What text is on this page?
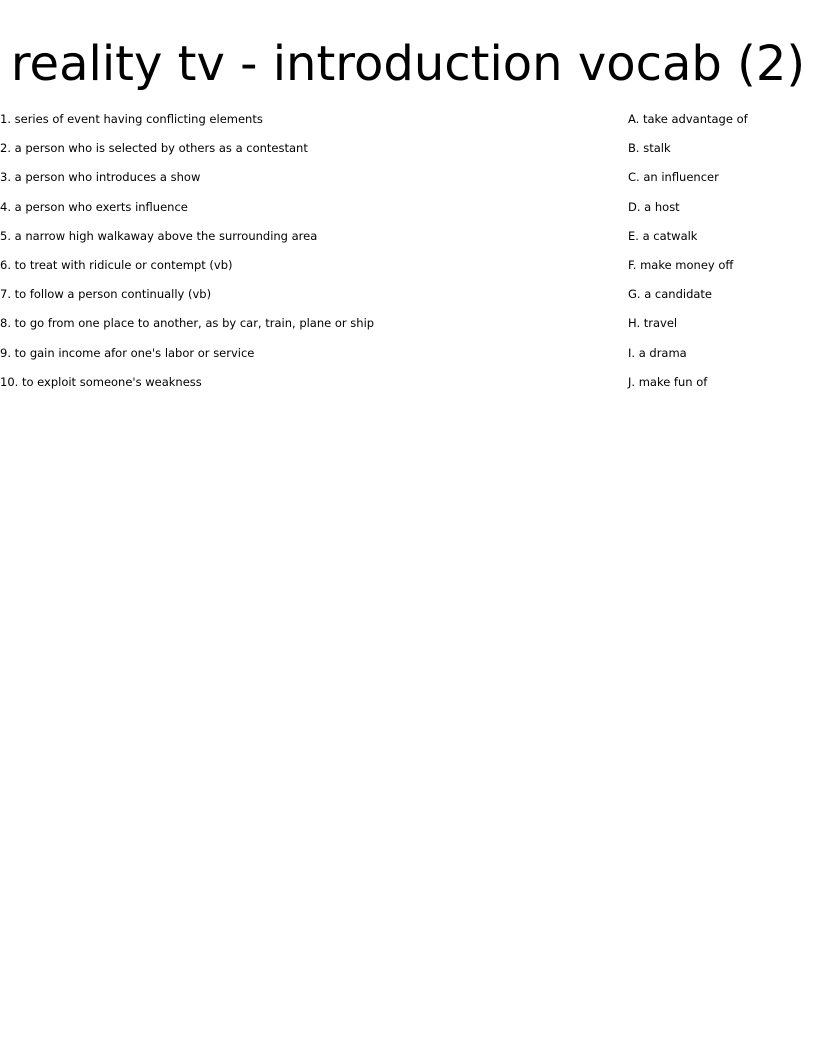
reality tv - introduction vocab (2)
1. series of event having conflicting elements
2. a person who is selected by others as a contestant
3. a person who introduces a show
4. a person who exerts influence
5. a narrow high walkaway above the surrounding area
6. to treat with ridicule or contempt (vb)
7. to follow a person continually (vb)
8. to go from one place to another, as by car, train, plane or ship
9. to gain income afor one's labor or service
10. to exploit someone's weakness
A. take advantage of
B. stalk
C. an influencer
D. a host
E. a catwalk
F. make money off
G. a candidate
H. travel
I. a drama
J. make fun of
